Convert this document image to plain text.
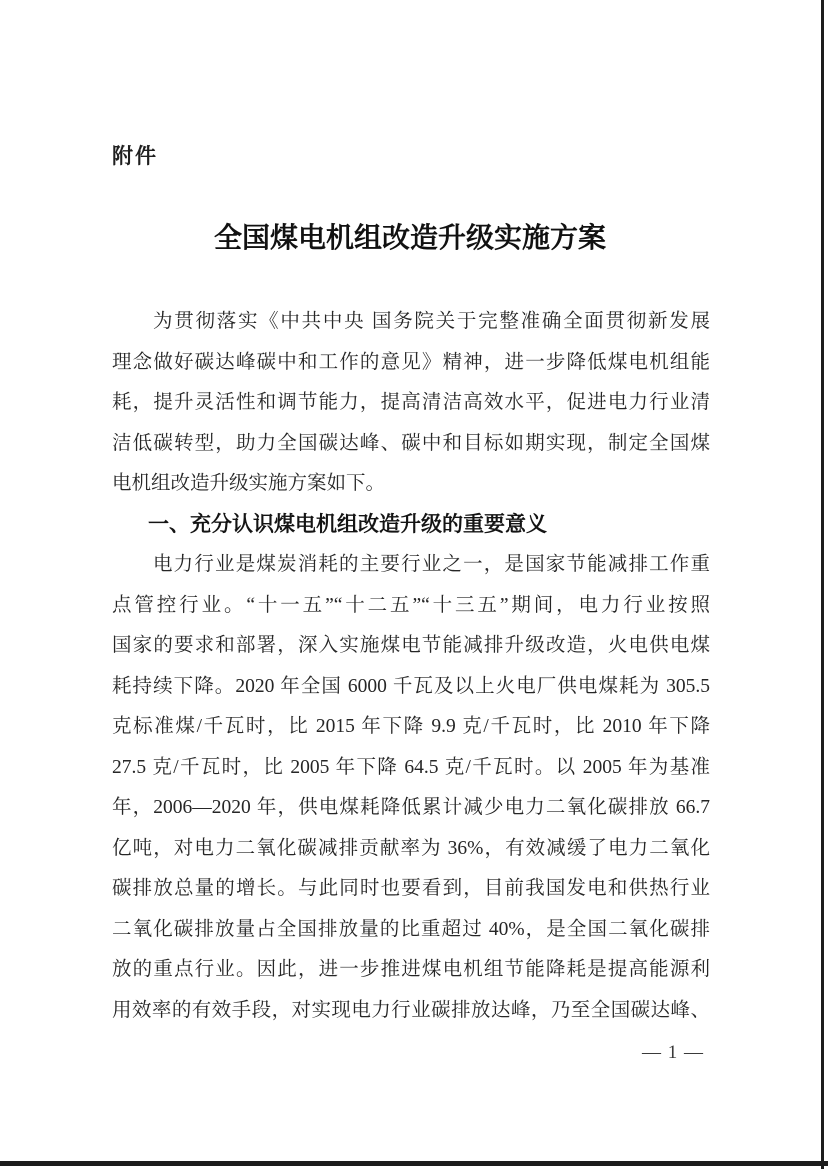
附件
全国煤电机组改造升级实施方案
为贯彻落实《中共中央 国务院关于完整准确全面贯彻新发展
理念做好碳达峰碳中和工作的意见》精神，进一步降低煤电机组能
耗，提升灵活性和调节能力，提高清洁高效水平，促进电力行业清
洁低碳转型，助力全国碳达峰、碳中和目标如期实现，制定全国煤
电机组改造升级实施方案如下。
一、充分认识煤电机组改造升级的重要意义
电力行业是煤炭消耗的主要行业之一，是国家节能减排工作重
点管控行业。“十一五”“十二五”“十三五”期间，电力行业按照
国家的要求和部署，深入实施煤电节能减排升级改造，火电供电煤
耗持续下降。2020 年全国 6000 千瓦及以上火电厂供电煤耗为 305.5
克标准煤/千瓦时，比 2015 年下降 9.9 克/千瓦时，比 2010 年下降
27.5 克/千瓦时，比 2005 年下降 64.5 克/千瓦时。以 2005 年为基准
年，2006—2020 年，供电煤耗降低累计减少电力二氧化碳排放 66.7
亿吨，对电力二氧化碳减排贡献率为 36%，有效减缓了电力二氧化
碳排放总量的增长。与此同时也要看到，目前我国发电和供热行业
二氧化碳排放量占全国排放量的比重超过 40%，是全国二氧化碳排
放的重点行业。因此，进一步推进煤电机组节能降耗是提高能源利
用效率的有效手段，对实现电力行业碳排放达峰，乃至全国碳达峰、
— 1 —
